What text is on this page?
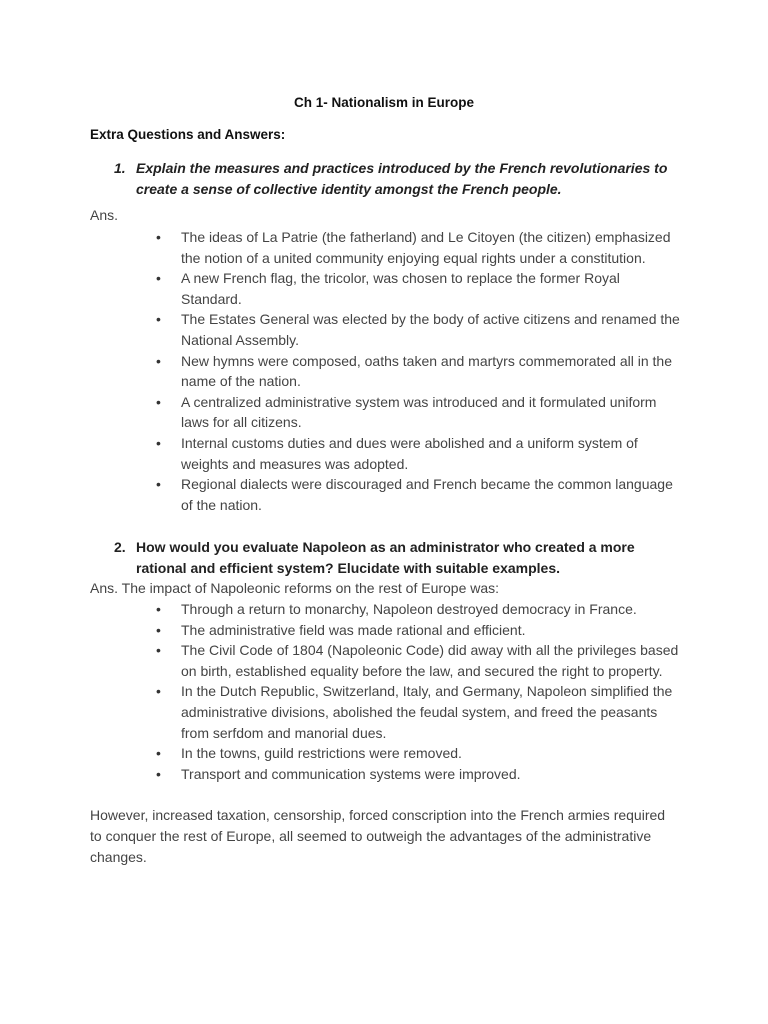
Ch 1- Nationalism in Europe
Extra Questions and Answers:
1. Explain the measures and practices introduced by the French revolutionaries to create a sense of collective identity amongst the French people.
Ans.
• The ideas of La Patrie (the fatherland) and Le Citoyen (the citizen) emphasized the notion of a united community enjoying equal rights under a constitution.
• A new French flag, the tricolor, was chosen to replace the former Royal Standard.
• The Estates General was elected by the body of active citizens and renamed the National Assembly.
• New hymns were composed, oaths taken and martyrs commemorated all in the name of the nation.
• A centralized administrative system was introduced and it formulated uniform laws for all citizens.
• Internal customs duties and dues were abolished and a uniform system of weights and measures was adopted.
• Regional dialects were discouraged and French became the common language of the nation.
2. How would you evaluate Napoleon as an administrator who created a more rational and efficient system? Elucidate with suitable examples.
Ans. The impact of Napoleonic reforms on the rest of Europe was:
• Through a return to monarchy, Napoleon destroyed democracy in France.
• The administrative field was made rational and efficient.
• The Civil Code of 1804 (Napoleonic Code) did away with all the privileges based on birth, established equality before the law, and secured the right to property.
• In the Dutch Republic, Switzerland, Italy, and Germany, Napoleon simplified the administrative divisions, abolished the feudal system, and freed the peasants from serfdom and manorial dues.
• In the towns, guild restrictions were removed.
• Transport and communication systems were improved.
However, increased taxation, censorship, forced conscription into the French armies required to conquer the rest of Europe, all seemed to outweigh the advantages of the administrative changes.
